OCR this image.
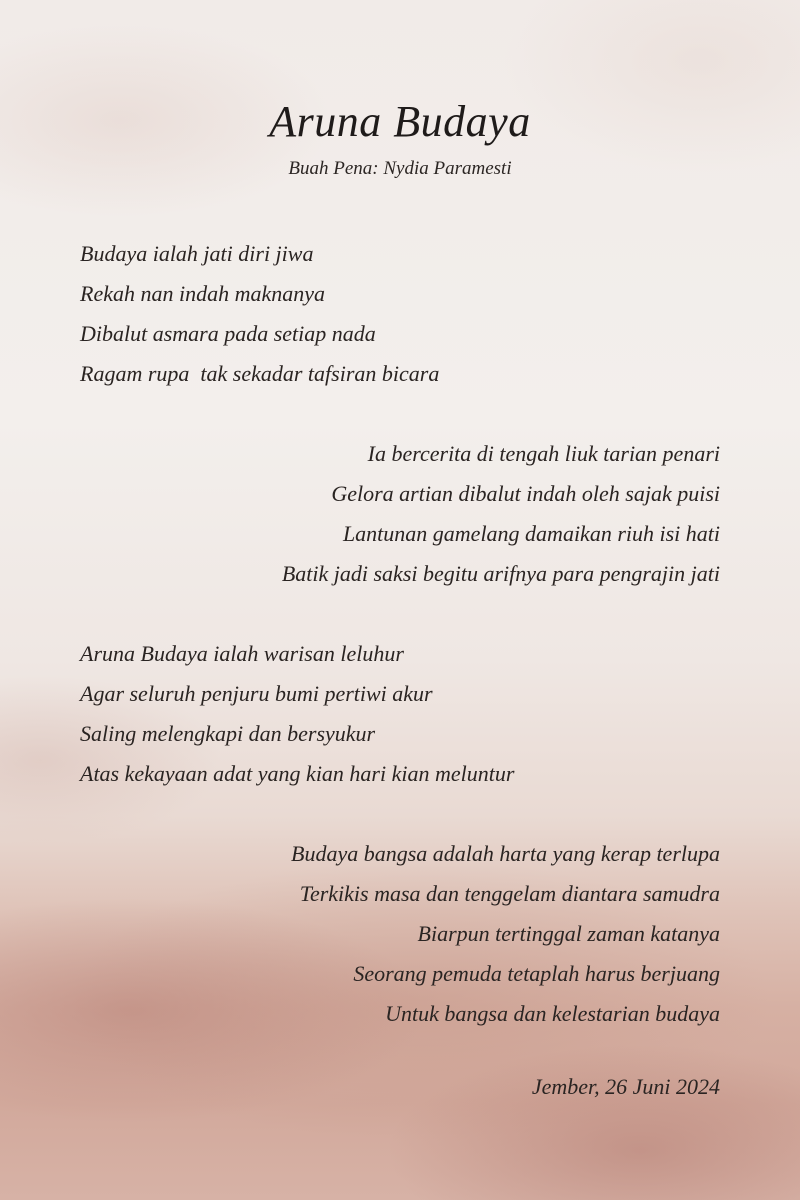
Aruna Budaya
Buah Pena: Nydia Paramesti
Budaya ialah jati diri jiwa
Rekah nan indah maknanya
Dibalut asmara pada setiap nada
Ragam rupa  tak sekadar tafsiran bicara
Ia bercerita di tengah liuk tarian penari
Gelora artian dibalut indah oleh sajak puisi
Lantunan gamelang damaikan riuh isi hati
Batik jadi saksi begitu arifnya para pengrajin jati
Aruna Budaya ialah warisan leluhur
Agar seluruh penjuru bumi pertiwi akur
Saling melengkapi dan bersyukur
Atas kekayaan adat yang kian hari kian meluntur
Budaya bangsa adalah harta yang kerap terlupa
Terkikis masa dan tenggelam diantara samudra
Biarpun tertinggal zaman katanya
Seorang pemuda tetaplah harus berjuang
Untuk bangsa dan kelestarian budaya
Jember, 26 Juni 2024
